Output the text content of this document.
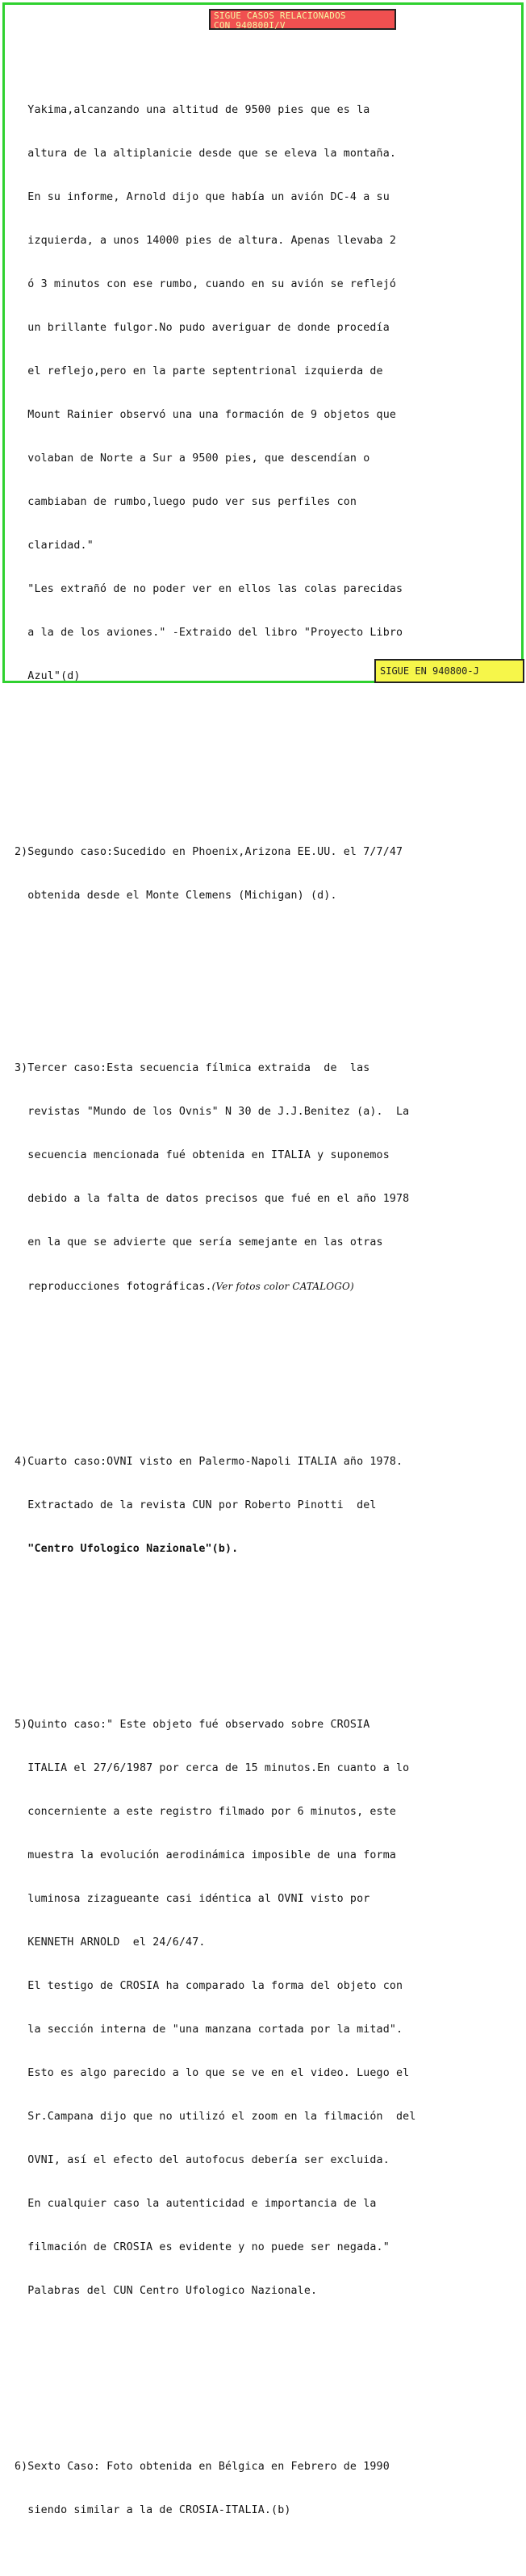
SIGUE CASOS RELACIONADOS
CON 940800I/V

Yakima,alcanzando una altitud de 9500 pies que es la

altura de la altiplanicie desde que se eleva la montaña.

En su informe, Arnold dijo que había un avión DC-4 a su

izquierda, a unos 14000 pies de altura. Apenas llevaba 2

ó 3 minutos con ese rumbo, cuando en su avión se reflejó

un brillante fulgor.No pudo averiguar de donde procedía

el reflejo,pero en la parte septentrional izquierda de

Mount Rainier observó una una formación de 9 objetos que

volaban de Norte a Sur a 9500 pies, que descendían o

cambiaban de rumbo,luego pudo ver sus perfiles con

claridad."

"Les extrañó de no poder ver en ellos las colas parecidas

a la de los aviones." -Extraido del libro "Proyecto Libro

Azul"(d)

2)Segundo caso:Sucedido en Phoenix,Arizona EE.UU. el 7/7/47

obtenida desde el Monte Clemens (Michigan) (d).

3)Tercer caso:Esta secuencia fílmica extraida  de  las

revistas "Mundo de los Ovnis" N 30 de J.J.Benitez (a).  La

secuencia mencionada fué obtenida en ITALIA y suponemos

debido a la falta de datos precisos que fué en el año 1978

en la que se advierte que sería semejante en las otras

reproducciones fotográficas.(Ver fotos color CATALOGO)

4)Cuarto caso:OVNI visto en Palermo-Napoli ITALIA año 1978.

Extractado de la revista CUN por Roberto Pinotti  del

"Centro Ufologico Nazionale"(b).

5)Quinto caso:" Este objeto fué observado sobre CROSIA

ITALIA el 27/6/1987 por cerca de 15 minutos.En cuanto a lo

concerniente a este registro filmado por 6 minutos, este

muestra la evolución aerodinámica imposible de una forma

luminosa zizagueante casi idéntica al OVNI visto por

KENNETH ARNOLD  el 24/6/47.

El testigo de CROSIA ha comparado la forma del objeto con

la sección interna de "una manzana cortada por la mitad".

Esto es algo parecido a lo que se ve en el video. Luego el

Sr.Campana dijo que no utilizó el zoom en la filmación  del

OVNI, así el efecto del autofocus debería ser excluida.

En cualquier caso la autenticidad e importancia de la

filmación de CROSIA es evidente y no puede ser negada."

Palabras del CUN Centro Ufologico Nazionale.

6)Sexto Caso: Foto obtenida en Bélgica en Febrero de 1990

siendo similar a la de CROSIA-ITALIA.(b)

SIGUE EN 940800-J
